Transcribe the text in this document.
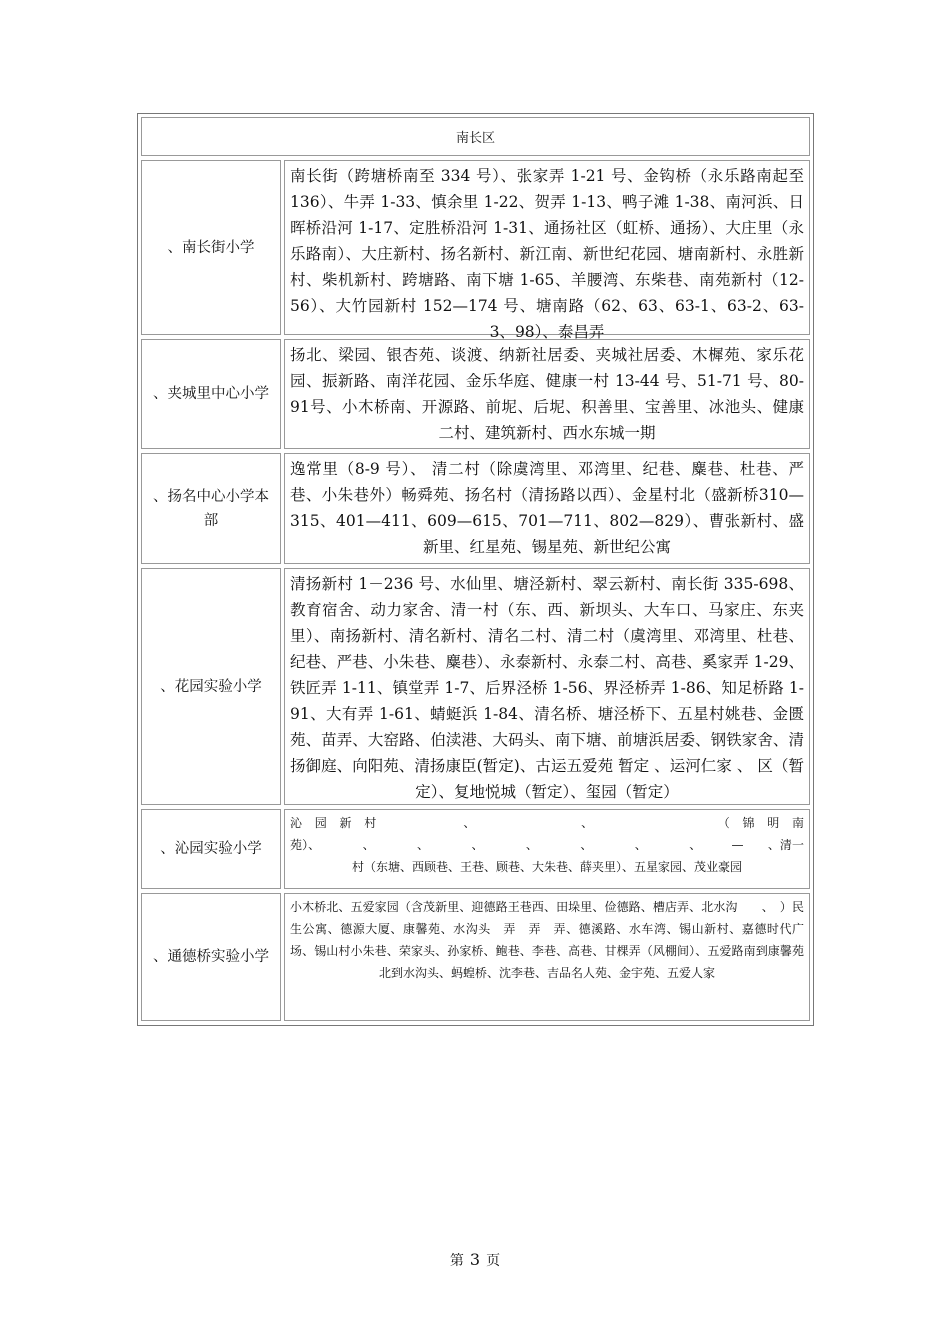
南长区
、南长街小学
南长街（跨塘桥南至 334 号）、张家弄 1-21 号、金钩桥（永乐路南起至136）、牛弄 1-33、慎余里 1-22、贺弄 1-13、鸭子滩 1-38、南河浜、日晖桥沿河 1-17、定胜桥沿河 1-31、通扬社区（虹桥、通扬）、大庄里（永乐路南）、大庄新村、扬名新村、新江南、新世纪花园、塘南新村、永胜新村、柴机新村、跨塘路、南下塘 1-65、羊腰湾、东柴巷、南苑新村（12-56）、大竹园新村 152—174 号、塘南路（62、63、63-1、63-2、63-3、98）、泰昌弄
、夹城里中心小学
扬北、梁园、银杏苑、谈渡、纳新社居委、夹城社居委、木樨苑、家乐花园、振新路、南洋花园、金乐华庭、健康一村 13-44 号、51-71 号、80-91号、小木桥南、开源路、前坭、后坭、积善里、宝善里、冰池头、健康二村、建筑新村、西水东城一期
、扬名中心小学本部
逸常里（8-9 号）、 清二村（除虞湾里、邓湾里、纪巷、麋巷、杜巷、严巷、小朱巷外）畅舜苑、扬名村（清扬路以西）、金星村北（盛新桥310—315、401—411、609—615、701—711、802—829）、曹张新村、盛新里、红星苑、锡星苑、新世纪公寓
、花园实验小学
清扬新村 1－236 号、水仙里、塘泾新村、翠云新村、南长街 335-698、教育宿舍、动力家舍、清一村（东、西、新坝头、大车口、马家庄、东夹里）、南扬新村、清名新村、清名二村、清二村（虞湾里、邓湾里、杜巷、纪巷、严巷、小朱巷、麋巷）、永泰新村、永泰二村、高巷、奚家弄 1-29、铁匠弄 1-11、镇堂弄 1-7、后界泾桥 1-56、界泾桥弄 1-86、知足桥路 1-91、大有弄 1-61、蜻蜓浜 1-84、清名桥、塘泾桥下、五星村姚巷、金匮苑、苗弄、大窑路、伯渎港、大码头、南下塘、前塘浜居委、钢铁家舍、清扬御庭、向阳苑、清扬康臣(暂定)、古运五爱苑 暂定 、运河仁家 、 区（暂定）、复地悦城（暂定）、玺园（暂定）
、沁园实验小学
沁园新村　　　、　　　　、　　　　　（锦明南苑）、　　　　、　　　　、　　　　、　　　　、　　　　、　　　　、　　　　、　　　—　　、清一村（东塘、西顾巷、王巷、顾巷、大朱巷、薛夹里）、五星家园、茂业豪园
、通德桥实验小学
小木桥北、五爱家园（含茂新里、迎德路王巷西、田垛里、俭德路、槽店弄、北水沟　　、　）民生公寓、德源大厦、康馨苑、水沟头　弄　弄　弄、德溪路、水车湾、锡山新村、嘉德时代广场、锡山村小朱巷、荣家头、孙家桥、鲍巷、李巷、高巷、甘棵弄（风棚间）、五爱路南到康馨苑北到水沟头、蚂蝗桥、沈李巷、吉品名人苑、金宇苑、五爱人家
第 3 页
